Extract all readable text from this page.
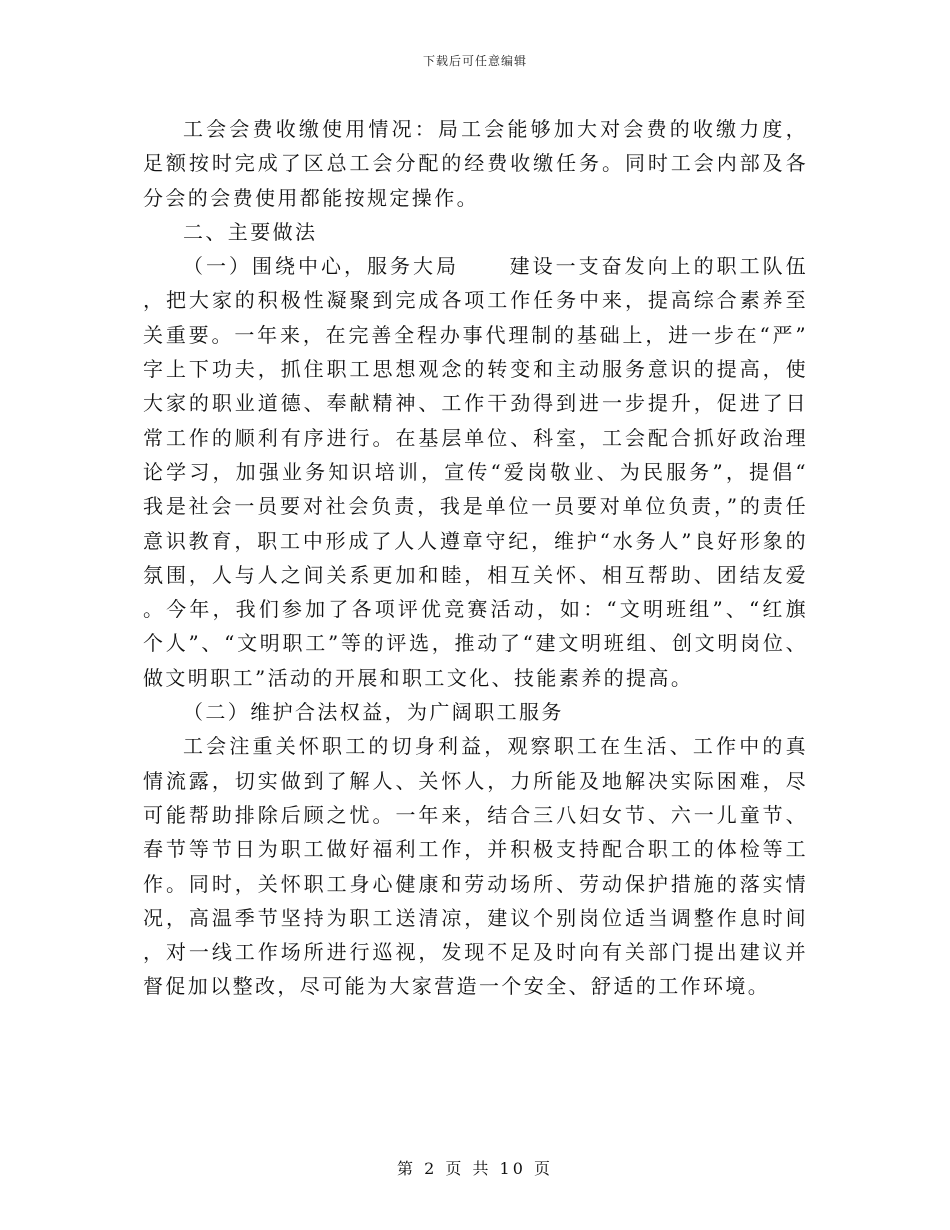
下载后可任意编辑

工会会费收缴使用情况：局工会能够加大对会费的收缴力度，足额按时完成了区总工会分配的经费收缴任务。同时工会内部及各分会的会费使用都能按规定操作。

二、主要做法

（一）围绕中心，服务大局	建设一支奋发向上的职工队伍，把大家的积极性凝聚到完成各项工作任务中来，提高综合素养至关重要。一年来，在完善全程办事代理制的基础上，进一步在“严”字上下功夫，抓住职工思想观念的转变和主动服务意识的提高，使大家的职业道德、奉献精神、工作干劲得到进一步提升，促进了日常工作的顺利有序进行。在基层单位、科室，工会配合抓好政治理论学习，加强业务知识培训，宣传“爱岗敬业、为民服务”，提倡“我是社会一员要对社会负责，我是单位一员要对单位负责，”的责任意识教育，职工中形成了人人遵章守纪，维护“水务人”良好形象的氛围，人与人之间关系更加和睦，相互关怀、相互帮助、团结友爱。今年，我们参加了各项评优竞赛活动，如：“文明班组”、“红旗个人”、“文明职工”等的评选，推动了“建文明班组、创文明岗位、做文明职工”活动的开展和职工文化、技能素养的提高。

（二）维护合法权益，为广阔职工服务

工会注重关怀职工的切身利益，观察职工在生活、工作中的真情流露，切实做到了解人、关怀人，力所能及地解决实际困难，尽可能帮助排除后顾之忧。一年来，结合三八妇女节、六一儿童节、春节等节日为职工做好福利工作，并积极支持配合职工的体检等工作。同时，关怀职工身心健康和劳动场所、劳动保护措施的落实情况，高温季节坚持为职工送清凉，建议个别岗位适当调整作息时间，对一线工作场所进行巡视，发现不足及时向有关部门提出建议并督促加以整改，尽可能为大家营造一个安全、舒适的工作环境。

第 2 页 共 10 页
